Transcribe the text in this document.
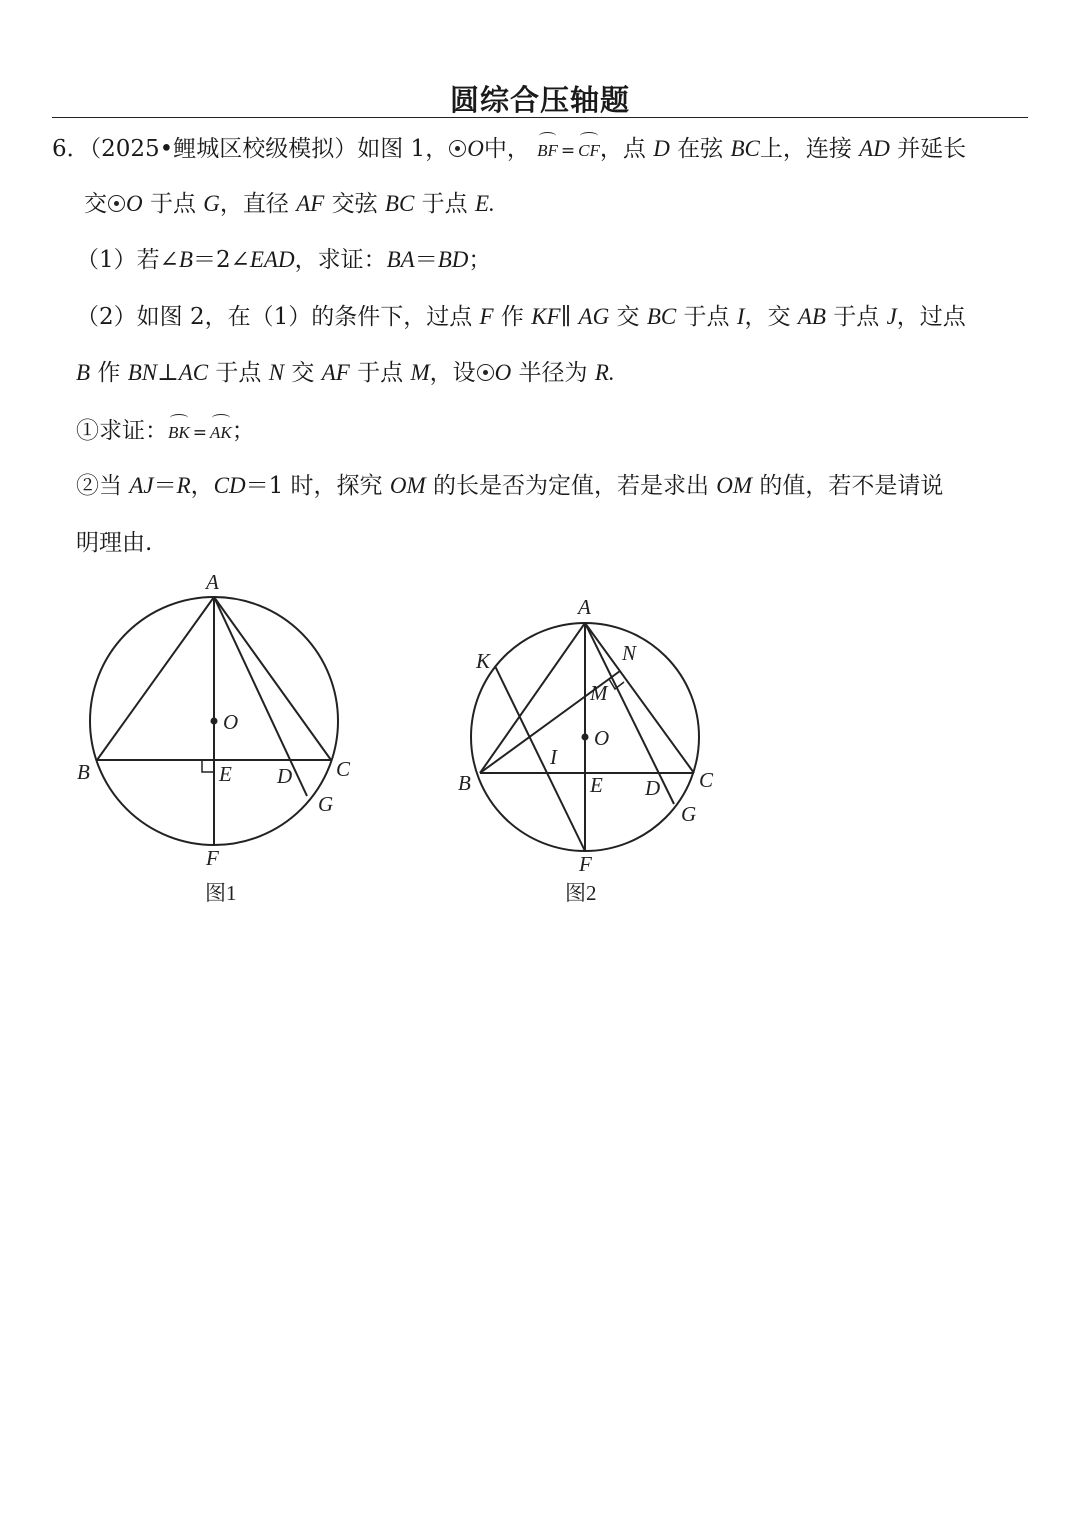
圆综合压轴题
6．（2025•鲤城区校级模拟）如图 1， O中， BF = CF，点 D 在弦 BC上，连接 AD 并延长
交 O 于点 G，直径 AF 交弦 BC 于点 E.
（1）若∠B＝2∠EAD，求证：BA＝BD；
（2）如图 2，在（1）的条件下，过点 F 作 KF∥ AG 交 BC 于点 I，交 AB 于点 J，过点
B 作 BN⊥AC 于点 N 交 AF 于点 M，设 O 半径为 R.
①求证：BK = AK；
②当 AJ＝R，CD＝1 时，探究 OM 的长是否为定值，若是求出 OM 的值，若不是请说
明理由.
A
B	C
D
E
F
G
O
图1
A
B	C
D
E
F
G
O
K	N
M
I
图2
